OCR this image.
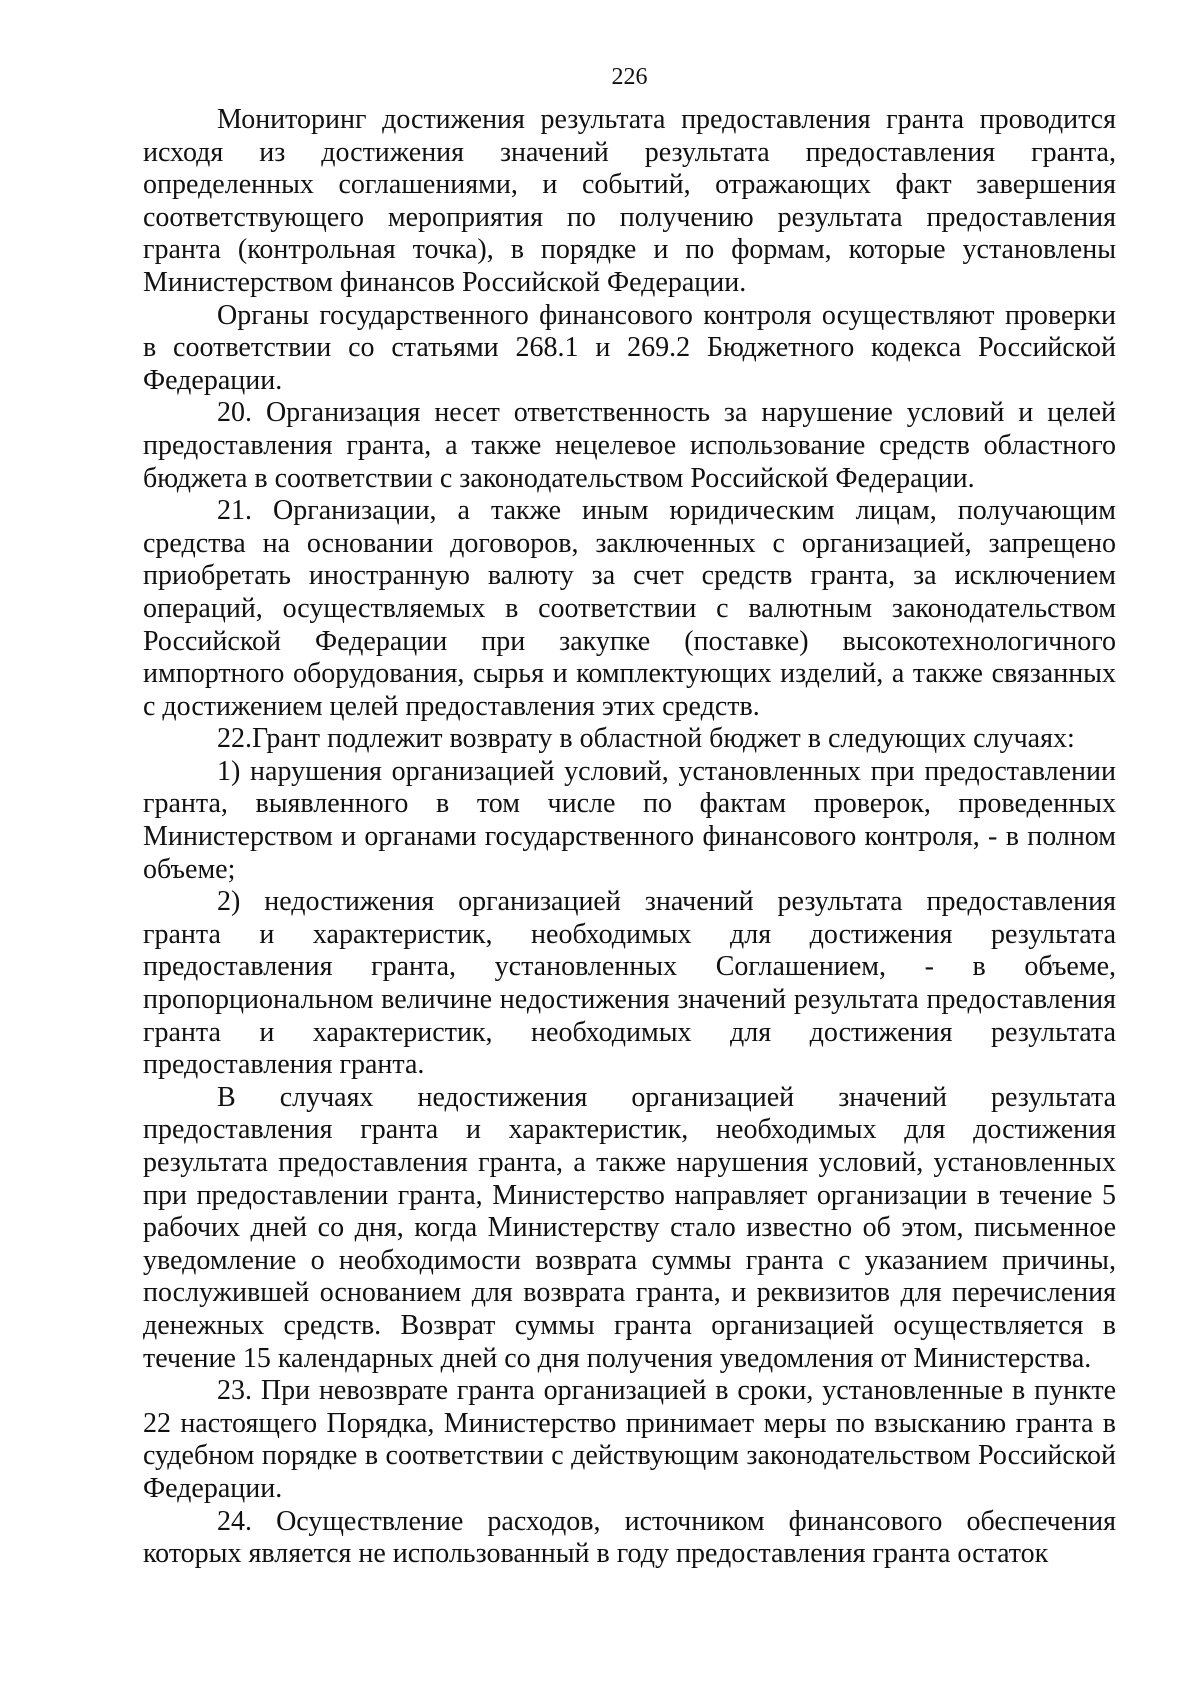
226

Мониторинг достижения результата предоставления гранта проводится исходя из достижения значений результата предоставления гранта, определенных соглашениями, и событий, отражающих факт завершения соответствующего мероприятия по получению результата предоставления гранта (контрольная точка), в порядке и по формам, которые установлены Министерством финансов Российской Федерации.

Органы государственного финансового контроля осуществляют проверки в соответствии со статьями 268.1 и 269.2 Бюджетного кодекса Российской Федерации.

20. Организация несет ответственность за нарушение условий и целей предоставления гранта, а также нецелевое использование средств областного бюджета в соответствии с законодательством Российской Федерации.

21. Организации, а также иным юридическим лицам, получающим средства на основании договоров, заключенных с организацией, запрещено приобретать иностранную валюту за счет средств гранта, за исключением операций, осуществляемых в соответствии с валютным законодательством Российской Федерации при закупке (поставке) высокотехнологичного импортного оборудования, сырья и комплектующих изделий, а также связанных с достижением целей предоставления этих средств.

22.Грант подлежит возврату в областной бюджет в следующих случаях:

1) нарушения организацией условий, установленных при предоставлении гранта, выявленного в том числе по фактам проверок, проведенных Министерством и органами государственного финансового контроля, - в полном объеме;

2) недостижения организацией значений результата предоставления гранта и характеристик, необходимых для достижения результата предоставления гранта, установленных Соглашением, - в объеме, пропорциональном величине недостижения значений результата предоставления гранта и характеристик, необходимых для достижения результата предоставления гранта.

В случаях недостижения организацией значений результата предоставления гранта и характеристик, необходимых для достижения результата предоставления гранта, а также нарушения условий, установленных при предоставлении гранта, Министерство направляет организации в течение 5 рабочих дней со дня, когда Министерству стало известно об этом, письменное уведомление о необходимости возврата суммы гранта с указанием причины, послужившей основанием для возврата гранта, и реквизитов для перечисления денежных средств. Возврат суммы гранта организацией осуществляется в течение 15 календарных дней со дня получения уведомления от Министерства.

23. При невозврате гранта организацией в сроки, установленные в пункте 22 настоящего Порядка, Министерство принимает меры по взысканию гранта в судебном порядке в соответствии с действующим законодательством Российской Федерации.

24. Осуществление расходов, источником финансового обеспечения которых является не использованный в году предоставления гранта остаток
